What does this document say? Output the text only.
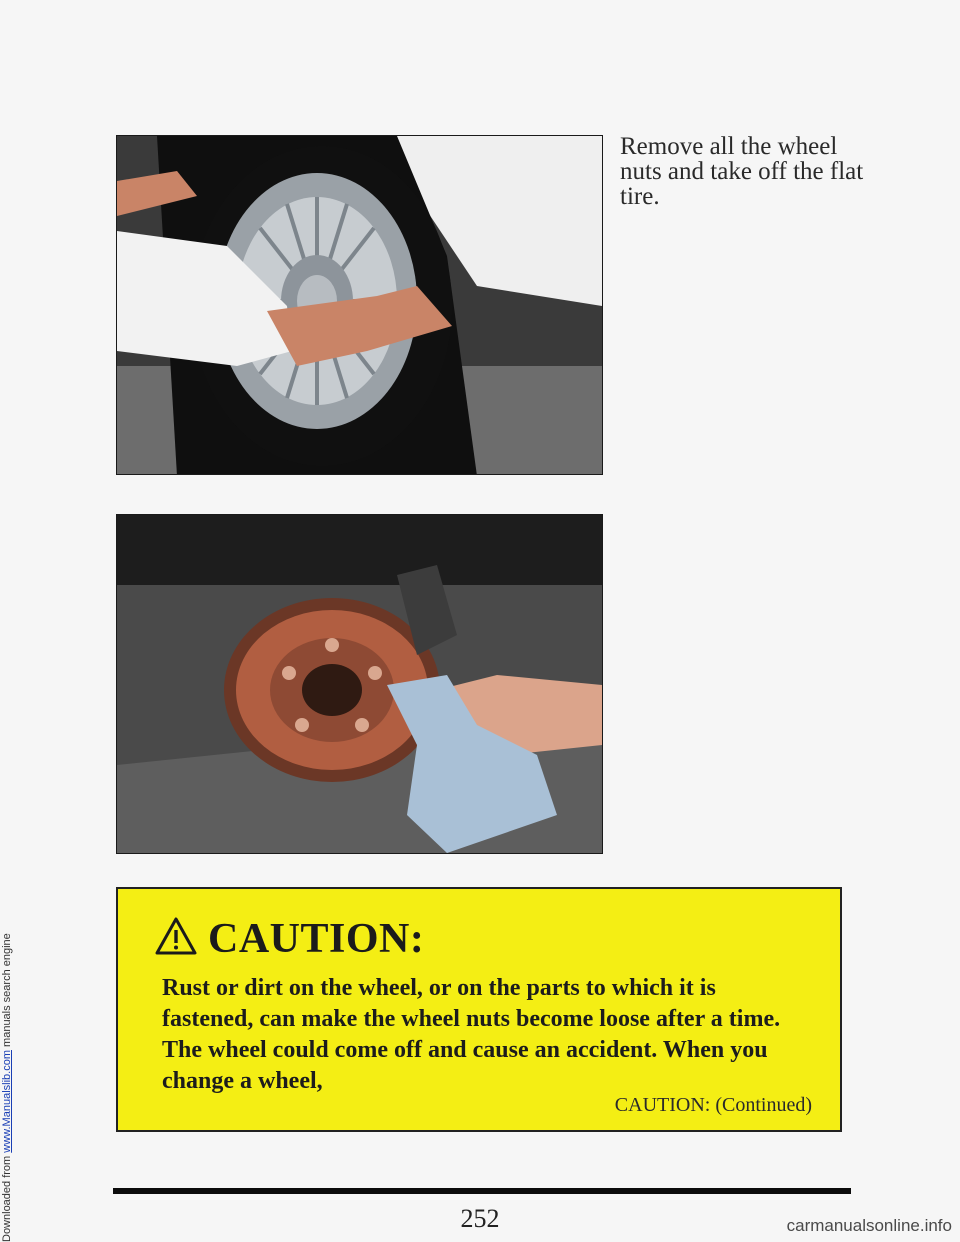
Downloaded from www.Manualslib.com manuals search engine
Remove all the wheel nuts and take off the flat tire.
CAUTION:
Rust or dirt on the wheel, or on the parts to which it is fastened, can make the wheel nuts become loose after a time. The wheel could come off and cause an accident. When you change a wheel,
CAUTION: (Continued)
252	carmanualsonline.info
